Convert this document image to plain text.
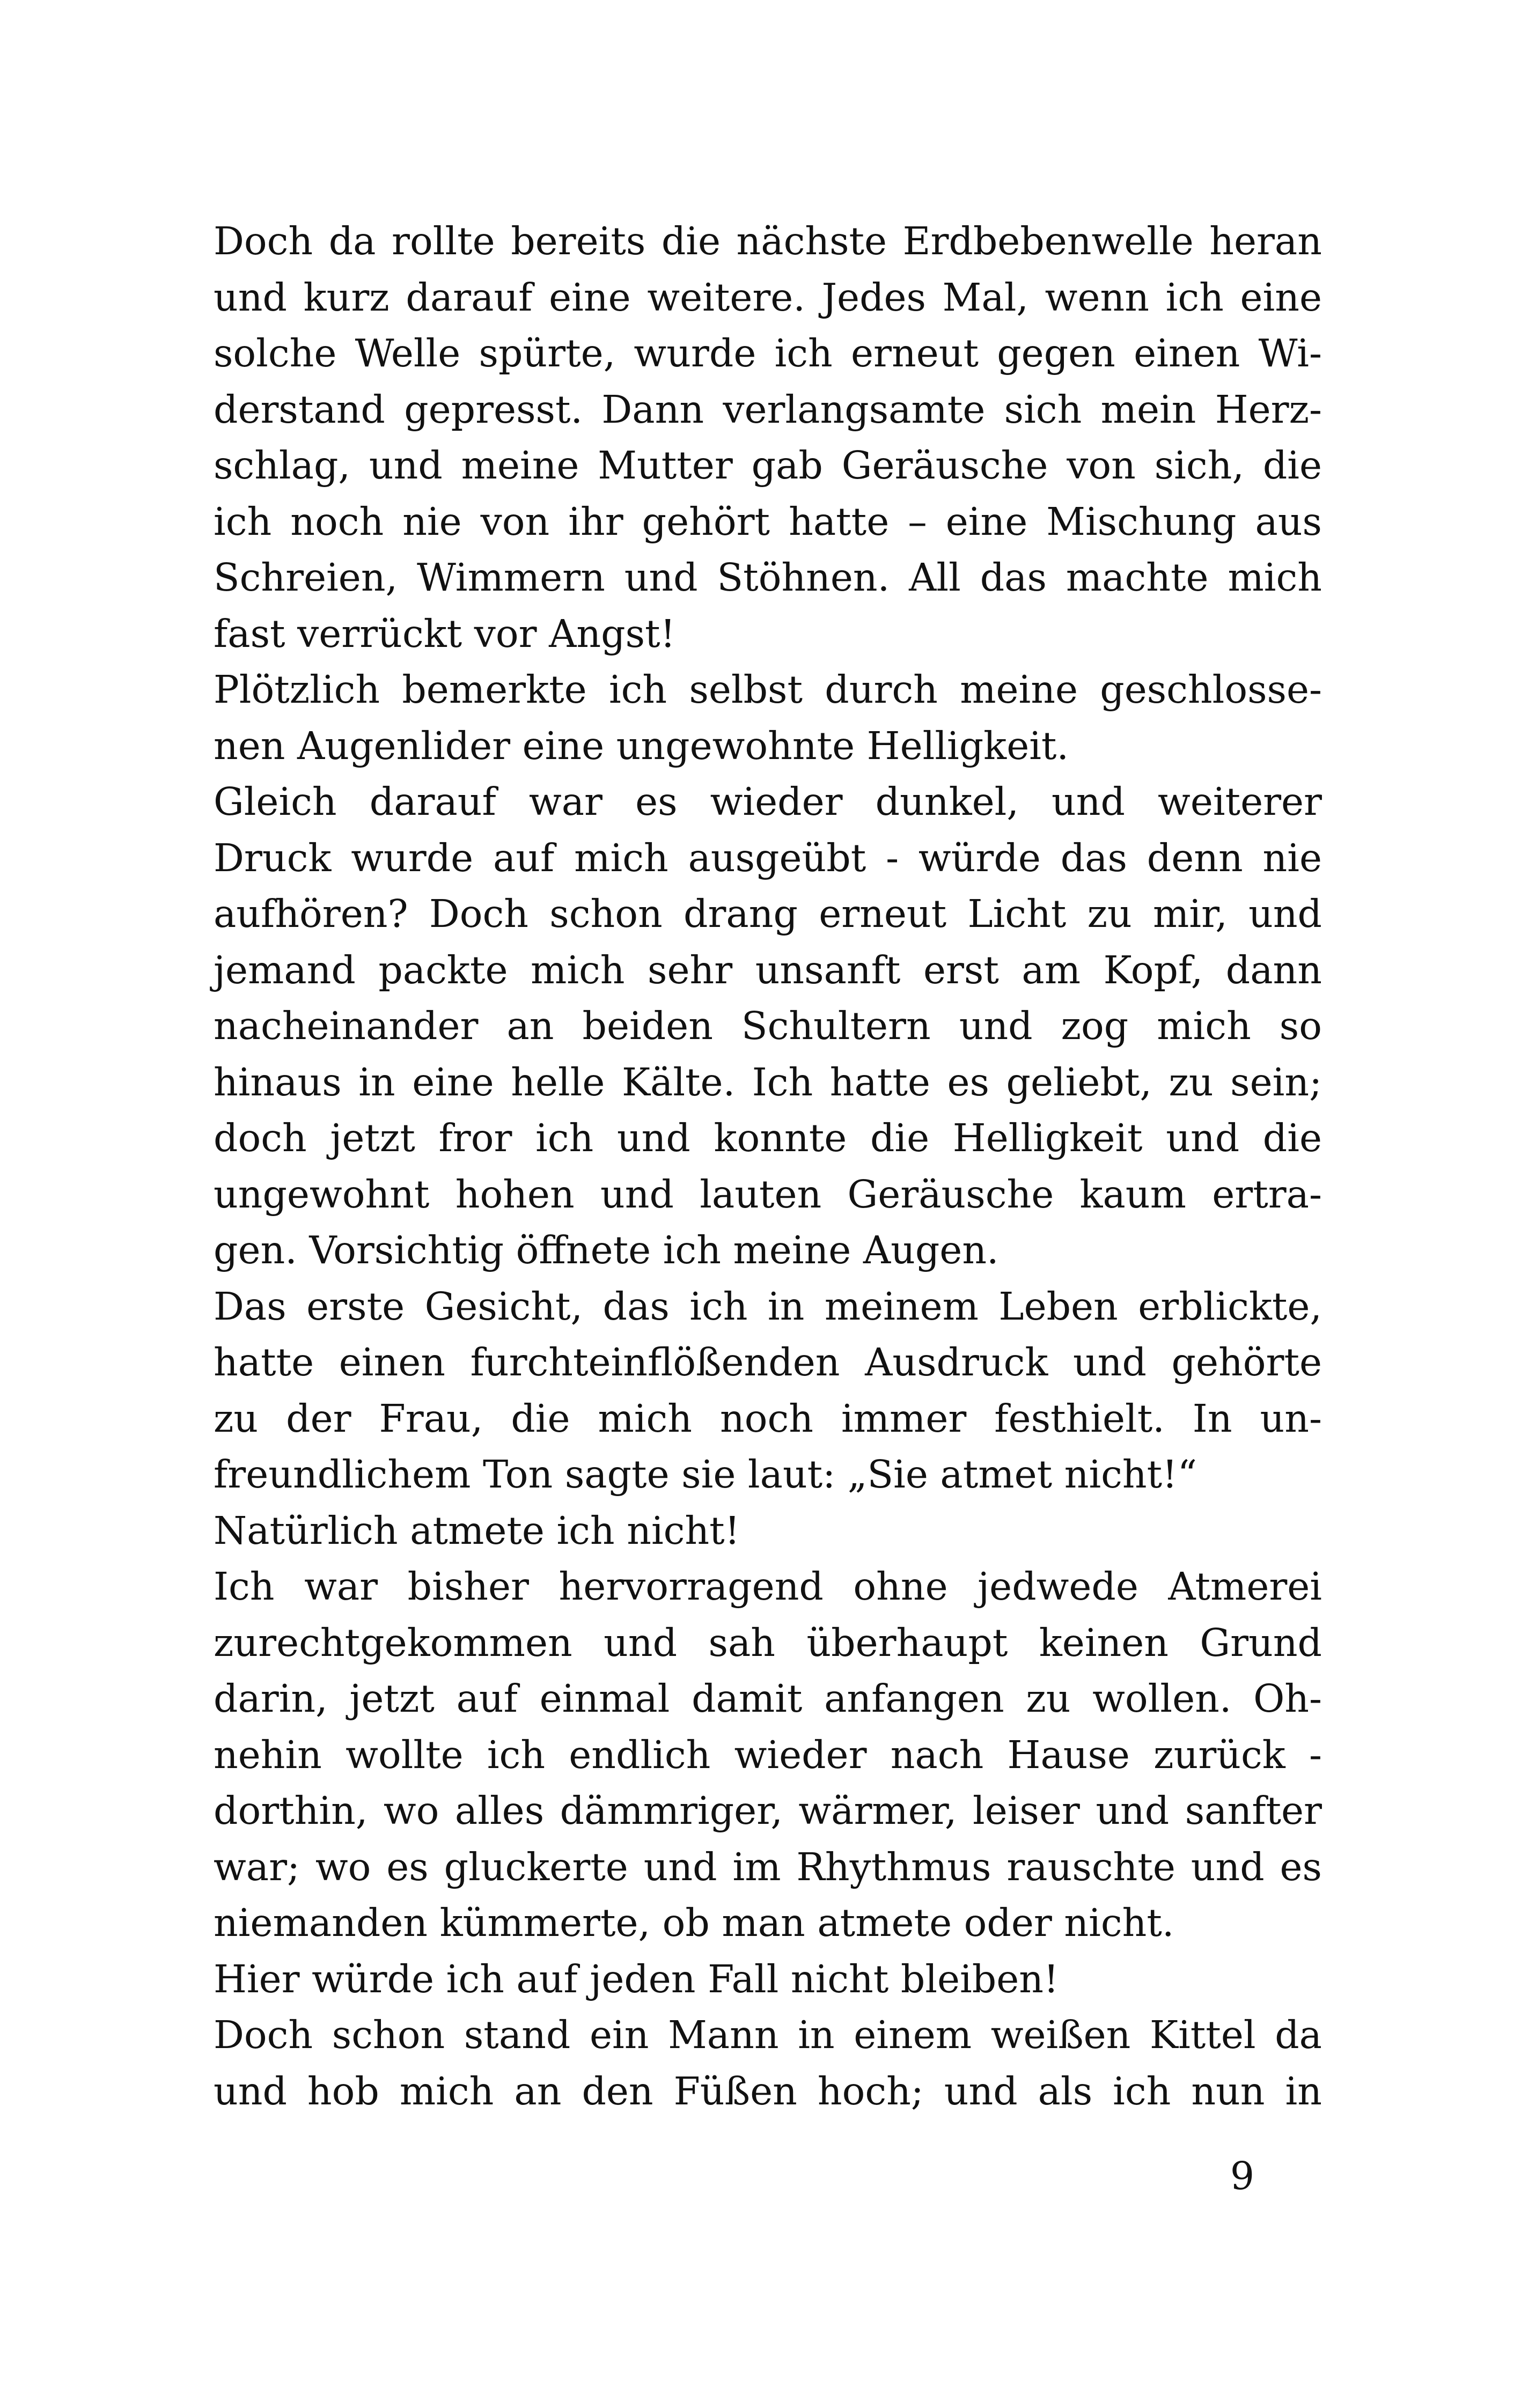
Doch da rollte bereits die nächste Erdbebenwelle heran
und kurz darauf eine weitere. Jedes Mal, wenn ich eine
solche Welle spürte, wurde ich erneut gegen einen Wi-
derstand gepresst. Dann verlangsamte sich mein Herz-
schlag, und meine Mutter gab Geräusche von sich, die
ich noch nie von ihr gehört hatte – eine Mischung aus
Schreien, Wimmern und Stöhnen. All das machte mich
fast verrückt vor Angst!
Plötzlich bemerkte ich selbst durch meine geschlosse-
nen Augenlider eine ungewohnte Helligkeit.
Gleich darauf war es wieder dunkel, und weiterer
Druck wurde auf mich ausgeübt - würde das denn nie
aufhören? Doch schon drang erneut Licht zu mir, und
jemand packte mich sehr unsanft erst am Kopf, dann
nacheinander an beiden Schultern und zog mich so
hinaus in eine helle Kälte. Ich hatte es geliebt, zu sein;
doch jetzt fror ich und konnte die Helligkeit und die
ungewohnt hohen und lauten Geräusche kaum ertra-
gen. Vorsichtig öffnete ich meine Augen.
Das erste Gesicht, das ich in meinem Leben erblickte,
hatte einen furchteinflößenden Ausdruck und gehörte
zu der Frau, die mich noch immer festhielt. In un-
freundlichem Ton sagte sie laut: „Sie atmet nicht!“
Natürlich atmete ich nicht!
Ich war bisher hervorragend ohne jedwede Atmerei
zurechtgekommen und sah überhaupt keinen Grund
darin, jetzt auf einmal damit anfangen zu wollen. Oh-
nehin wollte ich endlich wieder nach Hause zurück -
dorthin, wo alles dämmriger, wärmer, leiser und sanfter
war; wo es gluckerte und im Rhythmus rauschte und es
niemanden kümmerte, ob man atmete oder nicht.
Hier würde ich auf jeden Fall nicht bleiben!
Doch schon stand ein Mann in einem weißen Kittel da
und hob mich an den Füßen hoch; und als ich nun in
9
